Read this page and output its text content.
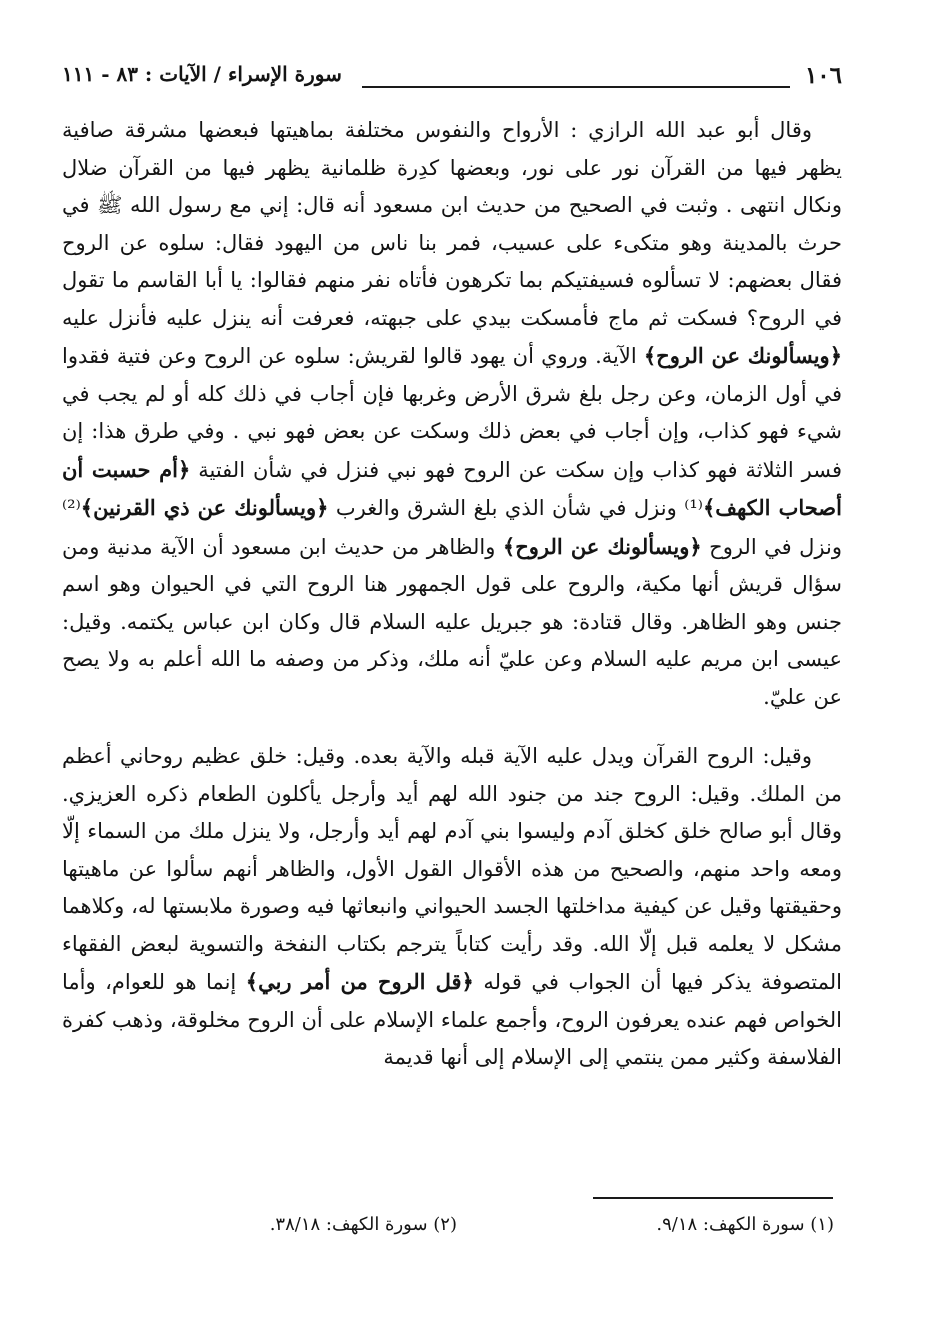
١٠٦
سورة الإسراء / الآيات : ٨٣ - ١١١

وقال أبو عبد الله الرازي : الأرواح والنفوس مختلفة بماهيتها فبعضها مشرقة صافية يظهر فيها من القرآن نور على نور، وبعضها كدِرة ظلمانية يظهر فيها من القرآن ضلال ونكال انتهى . وثبت في الصحيح من حديث ابن مسعود أنه قال: إني مع رسول الله ﷺ في حرث بالمدينة وهو متكىء على عسيب، فمر بنا ناس من اليهود فقال: سلوه عن الروح فقال بعضهم: لا تسألوه فسيفتيكم بما تكرهون فأتاه نفر منهم فقالوا: يا أبا القاسم ما تقول في الروح؟ فسكت ثم ماج فأمسكت بيدي على جبهته، فعرفت أنه ينزل عليه فأنزل عليه ﴿ويسألونك عن الروح﴾ الآية. وروي أن يهود قالوا لقريش: سلوه عن الروح وعن فتية فقدوا في أول الزمان، وعن رجل بلغ شرق الأرض وغربها فإن أجاب في ذلك كله أو لم يجب في شيء فهو كذاب، وإن أجاب في بعض ذلك وسكت عن بعض فهو نبي . وفي طرق هذا: إن فسر الثلاثة فهو كذاب وإن سكت عن الروح فهو نبي فنزل في شأن الفتية ﴿أم حسبت أن أصحاب الكهف﴾⁽¹⁾ ونزل في شأن الذي بلغ الشرق والغرب ﴿ويسألونك عن ذي القرنين﴾⁽²⁾ ونزل في الروح ﴿ويسألونك عن الروح﴾ والظاهر من حديث ابن مسعود أن الآية مدنية ومن سؤال قريش أنها مكية، والروح على قول الجمهور هنا الروح التي في الحيوان وهو اسم جنس وهو الظاهر. وقال قتادة: هو جبريل عليه السلام قال وكان ابن عباس يكتمه. وقيل: عيسى ابن مريم عليه السلام وعن عليّ أنه ملك، وذكر من وصفه ما الله أعلم به ولا يصح عن عليّ.

وقيل: الروح القرآن ويدل عليه الآية قبله والآية بعده. وقيل: خلق عظيم روحاني أعظم من الملك. وقيل: الروح جند من جنود الله لهم أيد وأرجل يأكلون الطعام ذكره العزيزي. وقال أبو صالح خلق كخلق آدم وليسوا بني آدم لهم أيد وأرجل، ولا ينزل ملك من السماء إلّا ومعه واحد منهم، والصحيح من هذه الأقوال القول الأول، والظاهر أنهم سألوا عن ماهيتها وحقيقتها وقيل عن كيفية مداخلتها الجسد الحيواني وانبعاثها فيه وصورة ملابستها له، وكلاهما مشكل لا يعلمه قبل إلّا الله. وقد رأيت كتاباً يترجم بكتاب النفخة والتسوية لبعض الفقهاء المتصوفة يذكر فيها أن الجواب في قوله ﴿قل الروح من أمر ربي﴾ إنما هو للعوام، وأما الخواص فهم عنده يعرفون الروح، وأجمع علماء الإسلام على أن الروح مخلوقة، وذهب كفرة الفلاسفة وكثير ممن ينتمي إلى الإسلام إلى أنها قديمة

(١) سورة الكهف: ٩/١٨.
(٢) سورة الكهف: ٣٨/١٨.
